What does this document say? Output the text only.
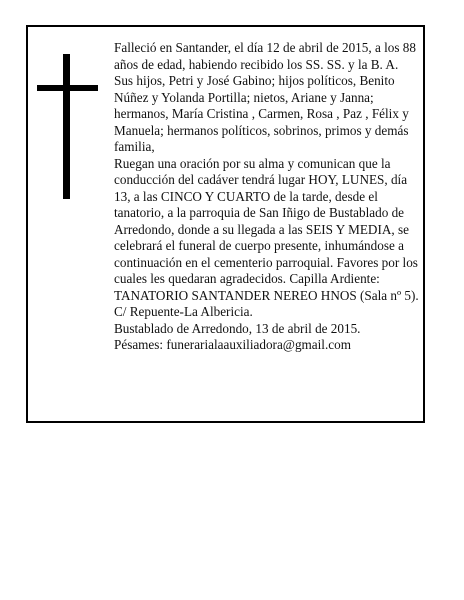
Falleció en Santander, el día 12 de abril de 2015, a los 88 años de edad, habiendo recibido los SS. SS. y la B. A.

Sus hijos, Petri y José Gabino; hijos políticos, Benito Núñez y Yolanda Portilla; nietos, Ariane y Janna; hermanos, María Cristina , Carmen, Rosa , Paz , Félix y Manuela; hermanos políticos, sobrinos, primos y demás familia,

Ruegan una oración por su alma y comunican que la conducción del cadáver tendrá lugar HOY, LUNES, día 13, a las CINCO Y CUARTO de la tarde, desde el tanatorio, a la parroquia de San Iñigo de Bustablado de Arredondo, donde a su llegada a las SEIS Y MEDIA, se celebrará el funeral de cuerpo presente, inhumándose a continuación en el cementerio parroquial. Favores por los cuales les quedaran agradecidos. Capilla Ardiente: TANATORIO SANTANDER NEREO HNOS (Sala nº 5). C/ Repuente-La Albericia.

Bustablado de Arredondo, 13 de abril de 2015.

Pésames: funerarialaauxiliadora@gmail.com
